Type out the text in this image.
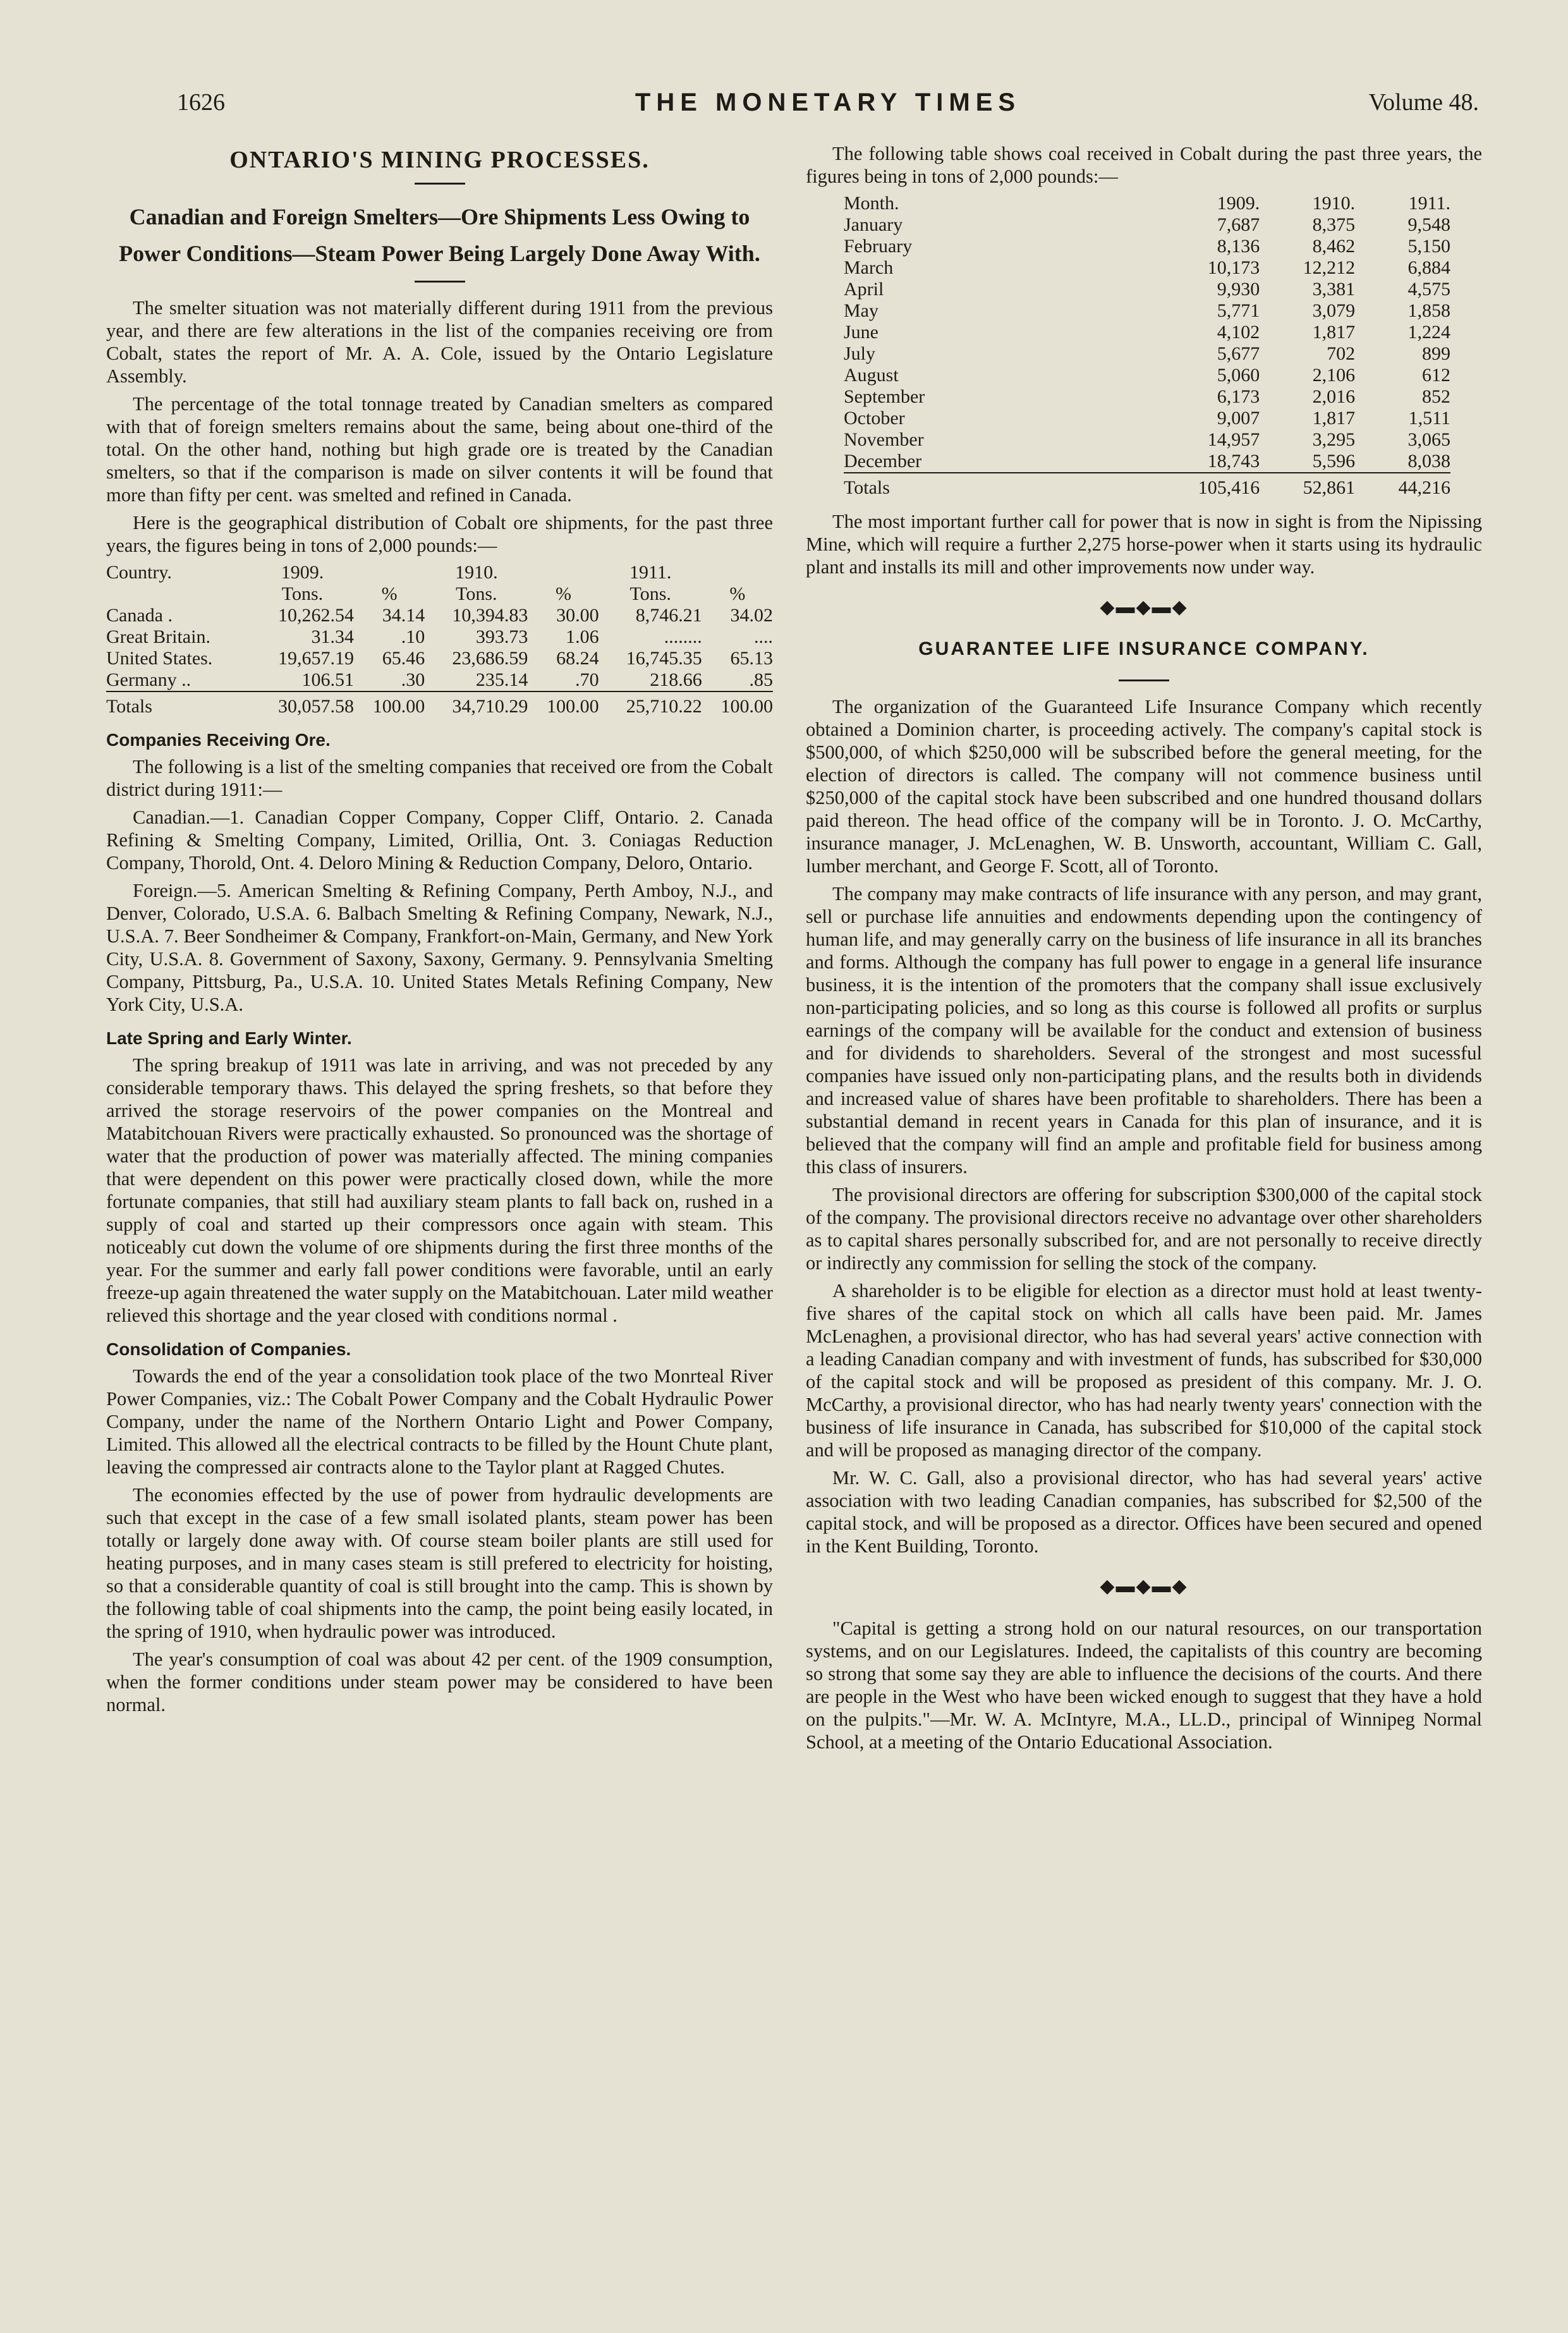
1626	THE MONETARY TIMES	Volume 48.
ONTARIO'S MINING PROCESSES.
Canadian and Foreign Smelters—Ore Shipments Less Owing to Power Conditions—Steam Power Being Largely Done Away With.

The smelter situation was not materially different during 1911 from the previous year, and there are few alterations in the list of the companies receiving ore from Cobalt, states the report of Mr. A. A. Cole, issued by the Ontario Legislature Assembly.

The percentage of the total tonnage treated by Canadian smelters as compared with that of foreign smelters remains about the same, being about one-third of the total. On the other hand, nothing but high grade ore is treated by the Canadian smelters, so that if the comparison is made on silver contents it will be found that more than fifty per cent. was smelted and refined in Canada.

Here is the geographical distribution of Cobalt ore shipments, for the past three years, the figures being in tons of 2,000 pounds:—

Country.	1909.		1910.		1911.	
	Tons.	%	Tons.	%	Tons.	%
Canada .	10,262.54	34.14	10,394.83	30.00	8,746.21	34.02
Great Britain.	31.34	.10	393.73	1.06	........	....
United States.	19,657.19	65.46	23,686.59	68.24	16,745.35	65.13
Germany ..	106.51	.30	235.14	.70	218.66	.85
Totals	30,057.58	100.00	34,710.29	100.00	25,710.22	100.00
Companies Receiving Ore.

The following is a list of the smelting companies that received ore from the Cobalt district during 1911:—

Canadian.—1. Canadian Copper Company, Copper Cliff, Ontario. 2. Canada Refining & Smelting Company, Limited, Orillia, Ont. 3. Coniagas Reduction Company, Thorold, Ont. 4. Deloro Mining & Reduction Company, Deloro, Ontario.

Foreign.—5. American Smelting & Refining Company, Perth Amboy, N.J., and Denver, Colorado, U.S.A. 6. Balbach Smelting & Refining Company, Newark, N.J., U.S.A. 7. Beer Sondheimer & Company, Frankfort-on-Main, Germany, and New York City, U.S.A. 8. Government of Saxony, Saxony, Germany. 9. Pennsylvania Smelting Company, Pittsburg, Pa., U.S.A. 10. United States Metals Refining Company, New York City, U.S.A.

Late Spring and Early Winter.

The spring breakup of 1911 was late in arriving, and was not preceded by any considerable temporary thaws. This delayed the spring freshets, so that before they arrived the storage reservoirs of the power companies on the Montreal and Matabitchouan Rivers were practically exhausted. So pronounced was the shortage of water that the production of power was materially affected. The mining companies that were dependent on this power were practically closed down, while the more fortunate companies, that still had auxiliary steam plants to fall back on, rushed in a supply of coal and started up their compressors once again with steam. This noticeably cut down the volume of ore shipments during the first three months of the year. For the summer and early fall power conditions were favorable, until an early freeze-up again threatened the water supply on the Matabitchouan. Later mild weather relieved this shortage and the year closed with conditions normal .

Consolidation of Companies.

Towards the end of the year a consolidation took place of the two Monrteal River Power Companies, viz.: The Cobalt Power Company and the Cobalt Hydraulic Power Company, under the name of the Northern Ontario Light and Power Company, Limited. This allowed all the electrical contracts to be filled by the Hount Chute plant, leaving the compressed air contracts alone to the Taylor plant at Ragged Chutes.

The economies effected by the use of power from hydraulic developments are such that except in the case of a few small isolated plants, steam power has been totally or largely done away with. Of course steam boiler plants are still used for heating purposes, and in many cases steam is still prefered to electricity for hoisting, so that a considerable quantity of coal is still brought into the camp. This is shown by the following table of coal shipments into the camp, the point being easily located, in the spring of 1910, when hydraulic power was introduced.

The year's consumption of coal was about 42 per cent. of the 1909 consumption, when the former conditions under steam power may be considered to have been normal.

The following table shows coal received in Cobalt during the past three years, the figures being in tons of 2,000 pounds:—

Month.	1909.	1910.	1911.
January	7,687	8,375	9,548
February	8,136	8,462	5,150
March	10,173	12,212	6,884
April	9,930	3,381	4,575
May	5,771	3,079	1,858
June	4,102	1,817	1,224
July	5,677	702	899
August	5,060	2,106	612
September	6,173	2,016	852
October	9,007	1,817	1,511
November	14,957	3,295	3,065
December	18,743	5,596	8,038
Totals	105,416	52,861	44,216

The most important further call for power that is now in sight is from the Nipissing Mine, which will require a further 2,275 horse-power when it starts using its hydraulic plant and installs its mill and other improvements now under way.

◆▬◆▬◆
GUARANTEE LIFE INSURANCE COMPANY.

The organization of the Guaranteed Life Insurance Company which recently obtained a Dominion charter, is proceeding actively. The company's capital stock is $500,000, of which $250,000 will be subscribed before the general meeting, for the election of directors is called. The company will not commence business until $250,000 of the capital stock have been subscribed and one hundred thousand dollars paid thereon. The head office of the company will be in Toronto. J. O. McCarthy, insurance manager, J. McLenaghen, W. B. Unsworth, accountant, William C. Gall, lumber merchant, and George F. Scott, all of Toronto.

The company may make contracts of life insurance with any person, and may grant, sell or purchase life annuities and endowments depending upon the contingency of human life, and may generally carry on the business of life insurance in all its branches and forms. Although the company has full power to engage in a general life insurance business, it is the intention of the promoters that the company shall issue exclusively non-participating policies, and so long as this course is followed all profits or surplus earnings of the company will be available for the conduct and extension of business and for dividends to shareholders. Several of the strongest and most sucessful companies have issued only non-participating plans, and the results both in dividends and increased value of shares have been profitable to shareholders. There has been a substantial demand in recent years in Canada for this plan of insurance, and it is believed that the company will find an ample and profitable field for business among this class of insurers.

The provisional directors are offering for subscription $300,000 of the capital stock of the company. The provisional directors receive no advantage over other shareholders as to capital shares personally subscribed for, and are not personally to receive directly or indirectly any commission for selling the stock of the company.

A shareholder is to be eligible for election as a director must hold at least twenty-five shares of the capital stock on which all calls have been paid. Mr. James McLenaghen, a provisional director, who has had several years' active connection with a leading Canadian company and with investment of funds, has subscribed for $30,000 of the capital stock and will be proposed as president of this company. Mr. J. O. McCarthy, a provisional director, who has had nearly twenty years' connection with the business of life insurance in Canada, has subscribed for $10,000 of the capital stock and will be proposed as managing director of the company.

Mr. W. C. Gall, also a provisional director, who has had several years' active association with two leading Canadian companies, has subscribed for $2,500 of the capital stock, and will be proposed as a director. Offices have been secured and opened in the Kent Building, Toronto.

◆▬◆▬◆

"Capital is getting a strong hold on our natural resources, on our transportation systems, and on our Legislatures. Indeed, the capitalists of this country are becoming so strong that some say they are able to influence the decisions of the courts. And there are people in the West who have been wicked enough to suggest that they have a hold on the pulpits."—Mr. W. A. McIntyre, M.A., LL.D., principal of Winnipeg Normal School, at a meeting of the Ontario Educational Association.
